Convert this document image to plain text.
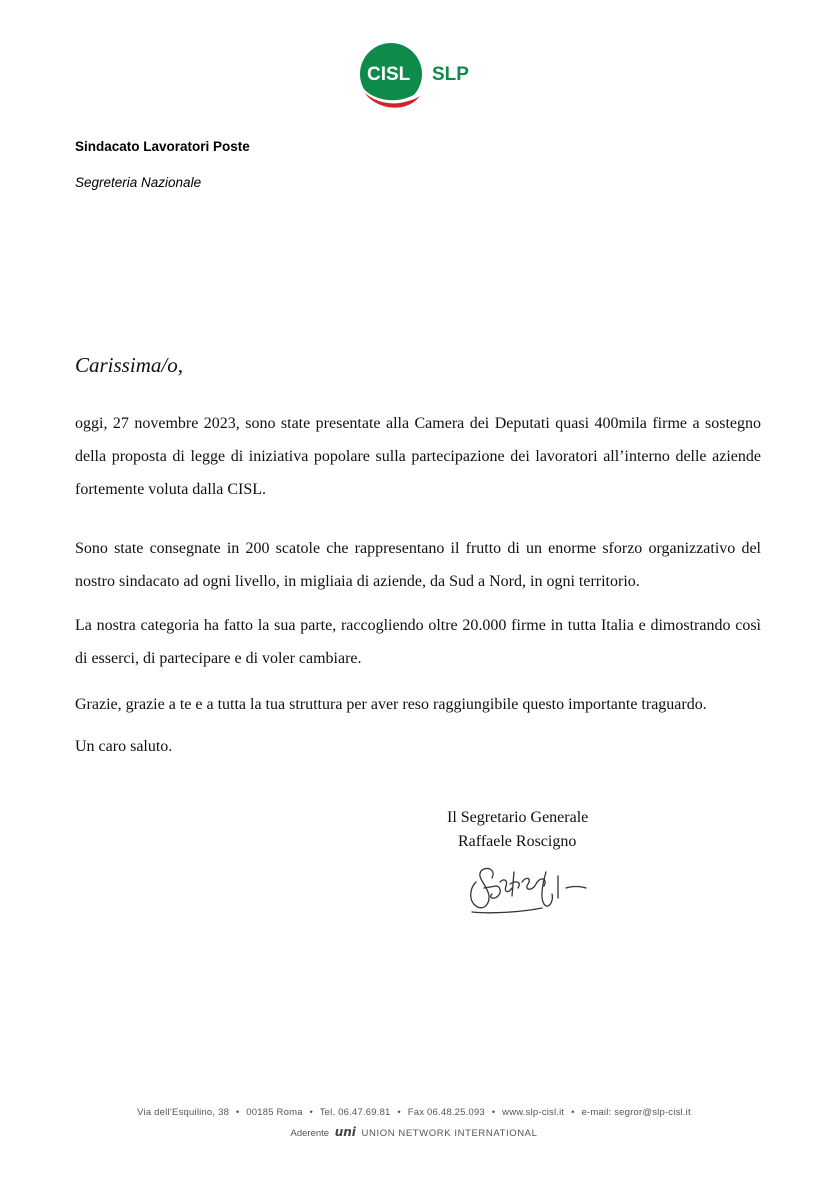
CISL SLP
Sindacato Lavoratori Poste
Segreteria Nazionale
Carissima/o,

oggi, 27 novembre 2023, sono state presentate alla Camera dei Deputati quasi 400mila firme a sostegno della proposta di legge di iniziativa popolare sulla partecipazione dei lavoratori all’interno delle aziende fortemente voluta dalla CISL.

Sono state consegnate in 200 scatole che rappresentano il frutto di un enorme sforzo organizzativo del nostro sindacato ad ogni livello, in migliaia di aziende, da Sud a Nord, in ogni territorio.

La nostra categoria ha fatto la sua parte, raccogliendo oltre 20.000 firme in tutta Italia e dimostrando così di esserci, di partecipare e di voler cambiare.

Grazie, grazie a te e a tutta la tua struttura per aver reso raggiungibile questo importante traguardo.

Un caro saluto.

Il Segretario Generale
Raffaele Roscigno
Via dell’Esquilino, 38 • 00185 Roma • Tel. 06.47.69.81 • Fax 06.48.25.093 • www.slp-cisl.it • e-mail: segror@slp-cisl.it
Aderente uni UNION NETWORK INTERNATIONAL
